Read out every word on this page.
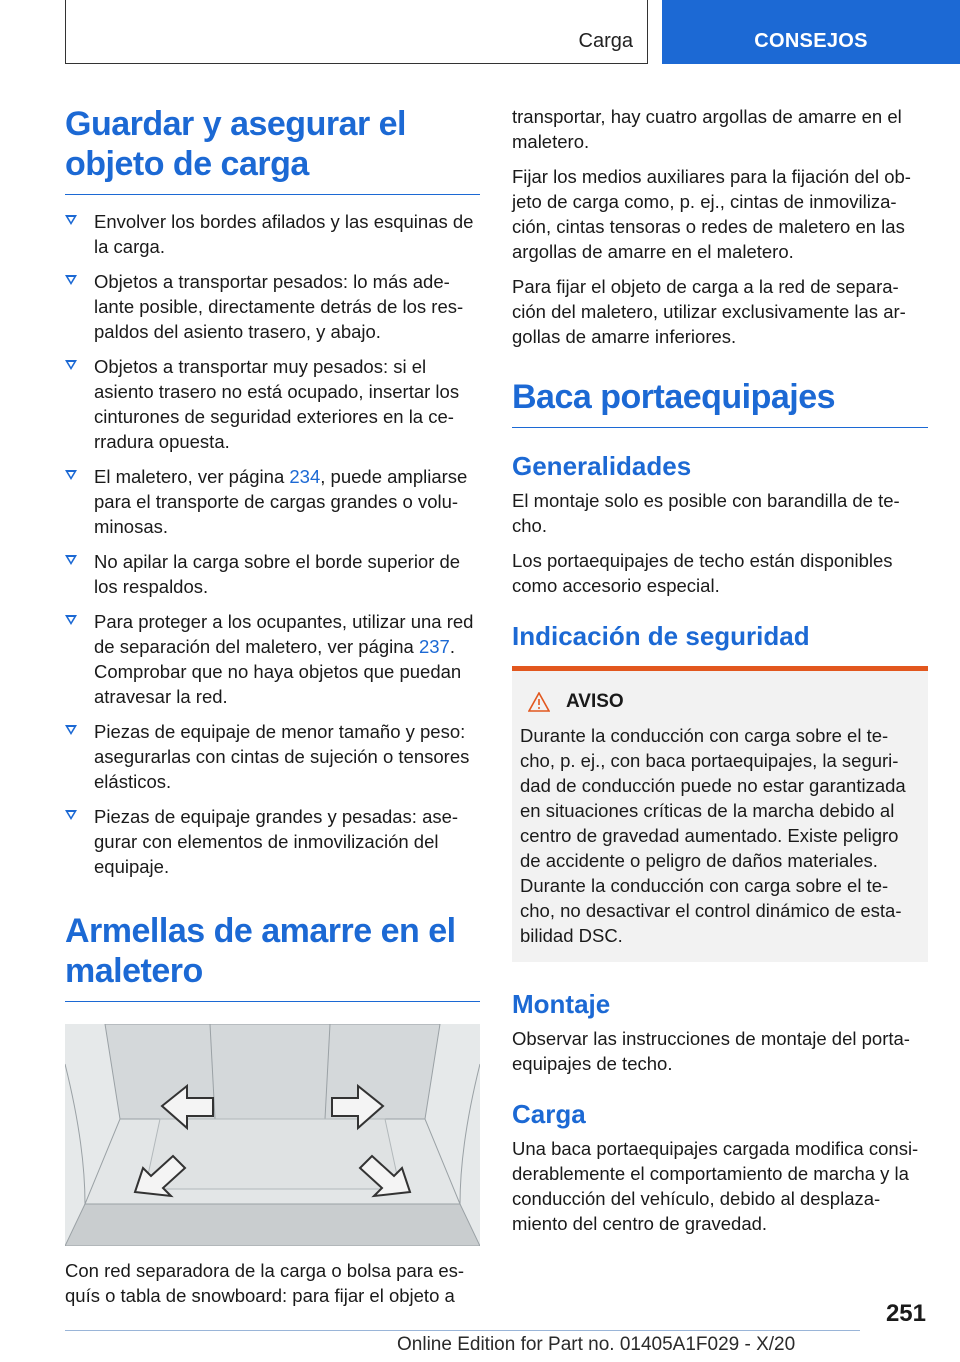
Carga	CONSEJOS
Guardar y asegurar el objeto de carga
Envolver los bordes afilados y las esquinas de la carga.
Objetos a transportar pesados: lo más ade‐lante posible, directamente detrás de los res‐paldos del asiento trasero, y abajo.
Objetos a transportar muy pesados: si el asiento trasero no está ocupado, insertar los cinturones de seguridad exteriores en la ce‐rradura opuesta.
El maletero, ver página 234, puede ampliarse para el transporte de cargas grandes o volu‐minosas.
No apilar la carga sobre el borde superior de los respaldos.
Para proteger a los ocupantes, utilizar una red de separación del maletero, ver página 237. Comprobar que no haya objetos que puedan atravesar la red.
Piezas de equipaje de menor tamaño y peso: asegurarlas con cintas de sujeción o tensores elásticos.
Piezas de equipaje grandes y pesadas: ase‐gurar con elementos de inmovilización del equipaje.
Armellas de amarre en el maletero

Con red separadora de la carga o bolsa para es‐quís o tabla de snowboard: para fijar el objeto a

transportar, hay cuatro argollas de amarre en el maletero.

Fijar los medios auxiliares para la fijación del ob‐jeto de carga como, p. ej., cintas de inmoviliza‐ción, cintas tensoras o redes de maletero en las argollas de amarre en el maletero.

Para fijar el objeto de carga a la red de separa‐ción del maletero, utilizar exclusivamente las ar‐gollas de amarre inferiores.

Baca portaequipajes
Generalidades

El montaje solo es posible con barandilla de te‐cho.

Los portaequipajes de techo están disponibles como accesorio especial.

Indicación de seguridad
AVISO

Durante la conducción con carga sobre el te‐cho, p. ej., con baca portaequipajes, la seguri‐dad de conducción puede no estar garantizada en situaciones críticas de la marcha debido al centro de gravedad aumentado. Existe peligro de accidente o peligro de daños materiales. Durante la conducción con carga sobre el te‐cho, no desactivar el control dinámico de esta‐bilidad DSC.

Montaje

Observar las instrucciones de montaje del porta‐equipajes de techo.

Carga

Una baca portaequipajes cargada modifica consi‐derablemente el comportamiento de marcha y la conducción del vehículo, debido al desplaza‐miento del centro de gravedad.

251
Online Edition for Part no. 01405A1F029 - X/20
